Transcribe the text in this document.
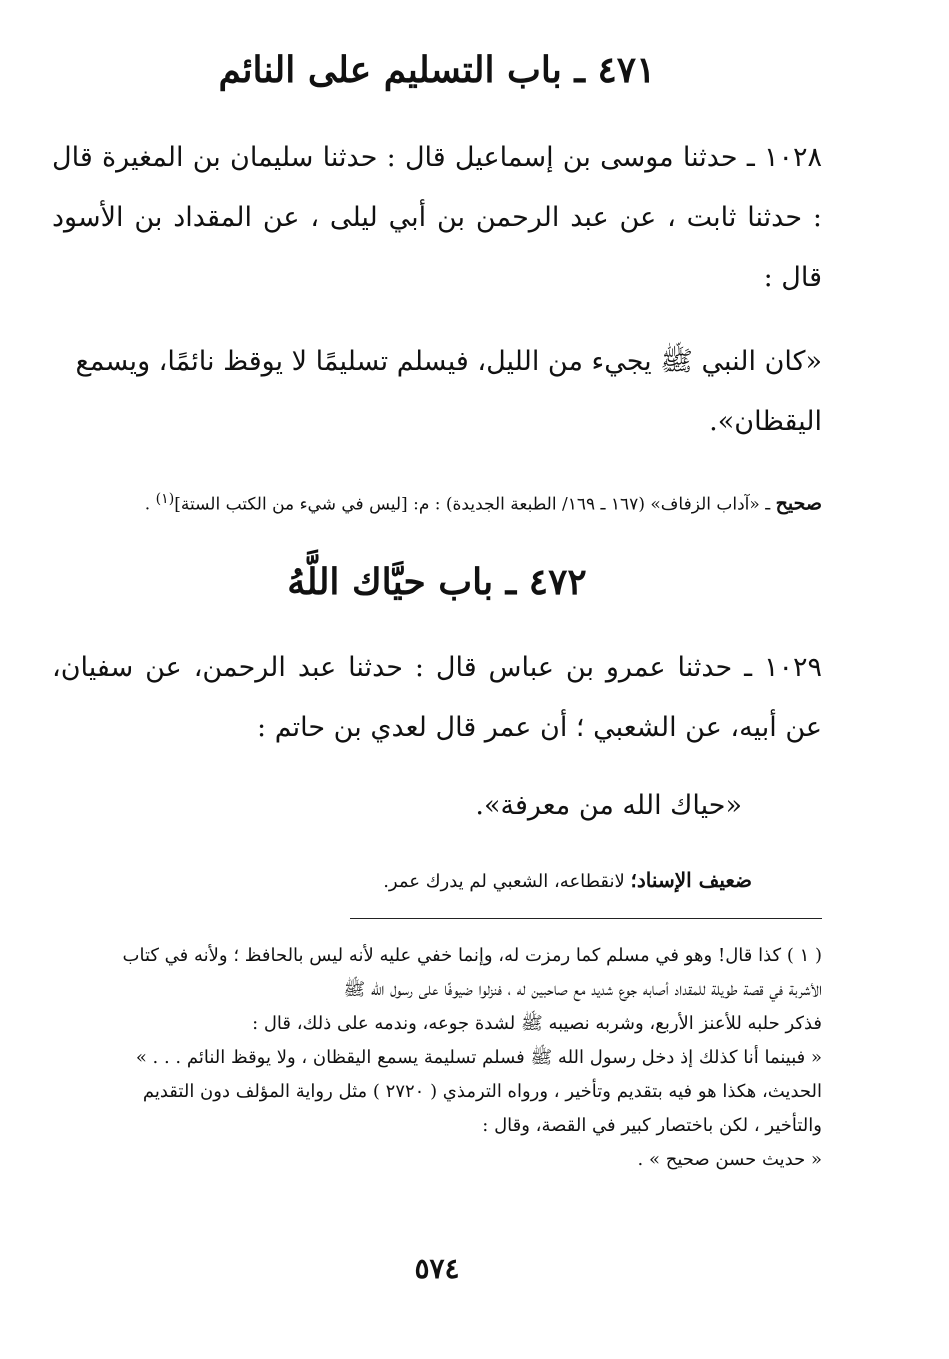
٤٧١ ـ باب التسليم على النائم

١٠٢٨ ـ حدثنا موسى بن إسماعيل قال : حدثنا سليمان بن المغيرة قال : حدثنا ثابت ، عن عبد الرحمن بن أبي ليلى ، عن المقداد بن الأسود قال :

«كان النبي ﷺ يجيء من الليل، فيسلم تسليمًا لا يوقظ نائمًا، ويسمع اليقظان».

صحيح ـ «آداب الزفاف» (١٦٧ ـ ١٦٩/ الطبعة الجديدة) : م: [ليس في شيء من الكتب الستة]$^{(١)}$ .

٤٧٢ ـ باب حيَّاك اللَّهُ

١٠٢٩ ـ حدثنا عمرو بن عباس قال : حدثنا عبد الرحمن، عن سفيان، عن أبيه، عن الشعبي ؛ أن عمر قال لعدي بن حاتم :

«حياك الله من معرفة».

ضعيف الإسناد؛ لانقطاعه، الشعبي لم يدرك عمر.

( ١ ) كذا قال! وهو في مسلم كما رمزت له، وإنما خفي عليه لأنه ليس بالحافظ ؛ ولأنه في كتاب

الأشربة في قصة طويلة للمقداد أصابه جوع شديد مع صاحبين له ، فنزلوا ضيوفًا على رسول الله ﷺ

فذكر حلبه للأعنز الأربع، وشربه نصيبه ﷺ لشدة جوعه، وندمه على ذلك، قال :

« فبينما أنا كذلك إذ دخل رسول الله ﷺ فسلم تسليمة يسمع اليقظان ، ولا يوقظ النائم . . . »

الحديث، هكذا هو فيه بتقديم وتأخير ، ورواه الترمذي ( ٢٧٢٠ ) مثل رواية المؤلف دون التقديم

والتأخير ، لكن باختصار كبير في القصة، وقال :

« حديث حسن صحيح » .

٥٧٤
